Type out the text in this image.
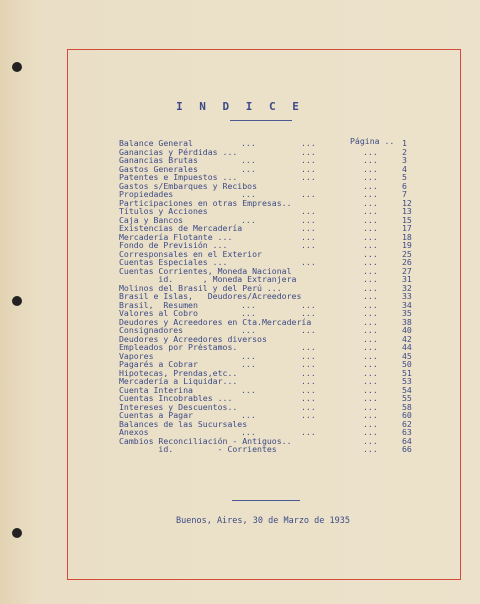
I N D I C E
Página ..
Balance General	...	...	1
Ganancias y Pérdidas ...	...	...	2
Ganancias Brutas	...	...	...	3
Gastos Generales	...	...	...	4
Patentes e Impuestos ...	...	...	5
Gastos s/Embarques y Recibos	...	6
Propiedades	...	...	...	7
Participaciones en otras Empresas..	...	12
Títulos y Acciones	...	...	13
Caja y Bancos	...	...	...	15
Existencias de Mercadería	...	...	17
Mercadería Flotante ...	...	...	18
Fondo de Previsión ...	...	...	19
Corresponsales en el Exterior	...	25
Cuentas Especiales ...	...	...	26
Cuentas Corrientes, Moneda Nacional	...	27
id.      , Moneda Extranjera	...	31
Molinos del Brasil y del Perú ...	...	32
Brasil e Islas,   Deudores/Acreedores	...	33
Brasil,  Resumen	...	...	...	34
Valores al Cobro	...	...	...	35
Deudores y Acreedores en Cta.Mercadería	...	38
Consignadores	...	...	...	40
Deudores y Acreedores diversos	...	42
Empleados por Préstamos.	...	...	44
Vapores	...	...	...	45
Pagarés a Cobrar	...	...	...	50
Hipotecas, Prendas,etc..	...	...	51
Mercadería a Liquidar...	...	...	53
Cuenta Interina	...	...	...	54
Cuentas Incobrables ...	...	...	55
Intereses y Descuentos..	...	...	58
Cuentas a Pagar	...	...	...	60
Balances de las Sucursales	...	62
Anexos	...	...	...	63
Cambios Reconciliación - Antiguos..	...	64
id.         - Corrientes	...	66
Buenos, Aires, 30 de Marzo de 1935
